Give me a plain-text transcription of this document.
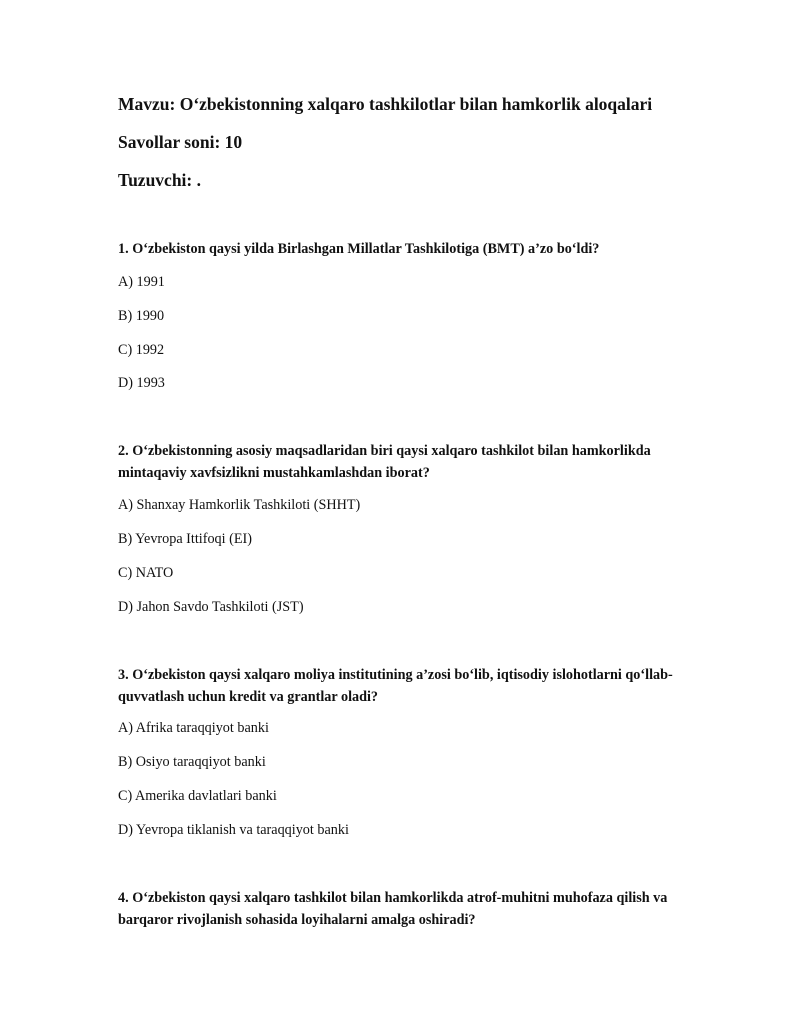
Mavzu: O‘zbekistonning xalqaro tashkilotlar bilan hamkorlik aloqalari
Savollar soni: 10
Tuzuvchi: .
1. O‘zbekiston qaysi yilda Birlashgan Millatlar Tashkilotiga (BMT) a’zo bo‘ldi?
A) 1991
B) 1990
C) 1992
D) 1993
2. O‘zbekistonning asosiy maqsadlaridan biri qaysi xalqaro tashkilot bilan hamkorlikda mintaqaviy xavfsizlikni mustahkamlashdan iborat?
A) Shanxay Hamkorlik Tashkiloti (SHHT)
B) Yevropa Ittifoqi (EI)
C) NATO
D) Jahon Savdo Tashkiloti (JST)
3. O‘zbekiston qaysi xalqaro moliya institutining a’zosi bo‘lib, iqtisodiy islohotlarni qo‘llab-quvvatlash uchun kredit va grantlar oladi?
A) Afrika taraqqiyot banki
B) Osiyo taraqqiyot banki
C) Amerika davlatlari banki
D) Yevropa tiklanish va taraqqiyot banki
4. O‘zbekiston qaysi xalqaro tashkilot bilan hamkorlikda atrof-muhitni muhofaza qilish va barqaror rivojlanish sohasida loyihalarni amalga oshiradi?
